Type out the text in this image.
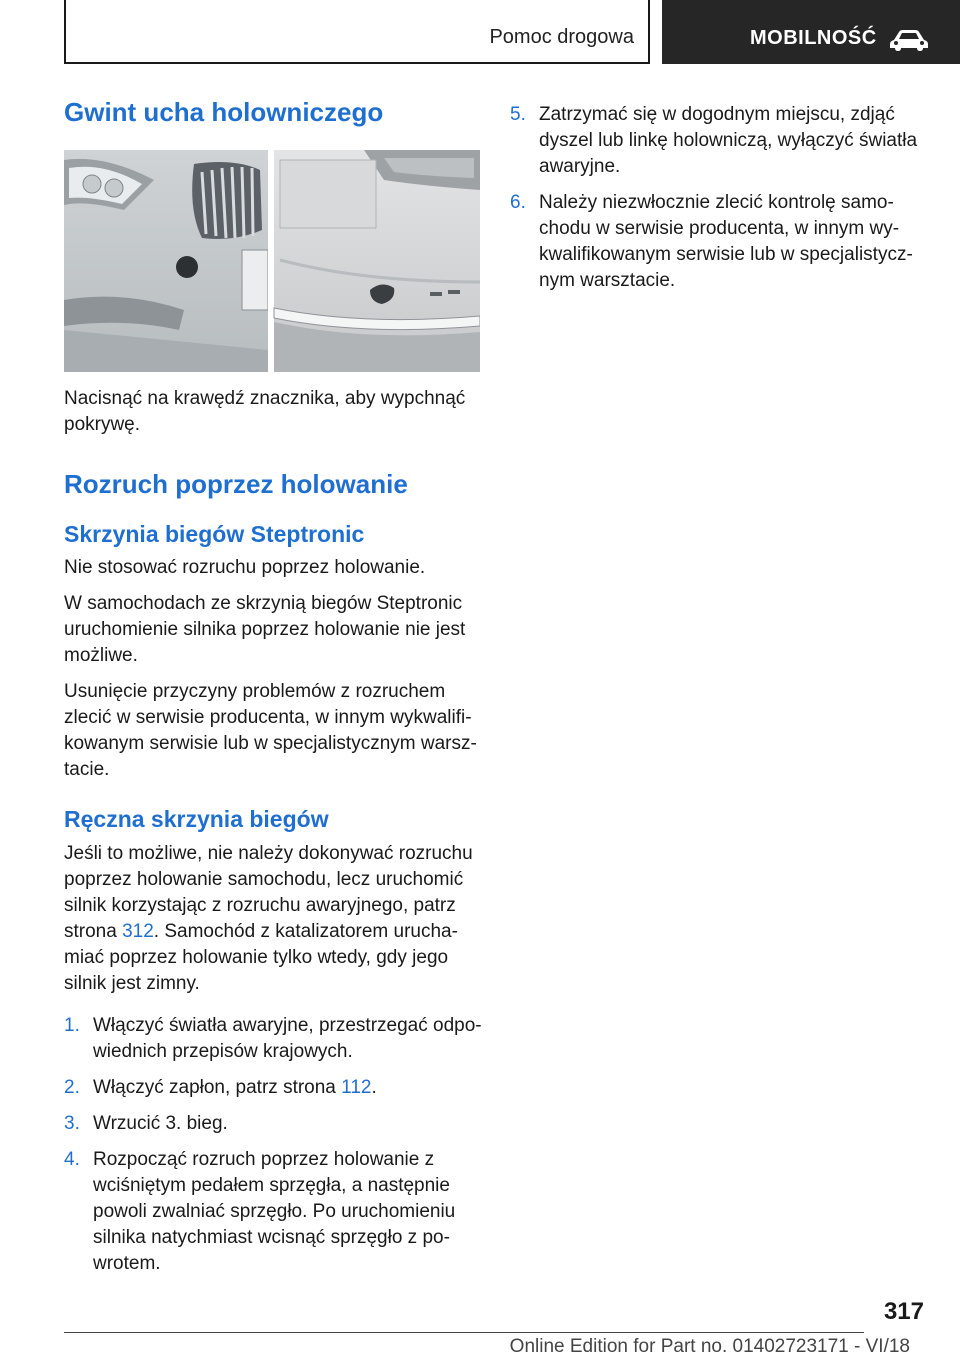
Pomoc drogowa	MOBILNOŚĆ
Gwint ucha holowniczego

Nacisnąć na krawędź znacznika, aby wypchnąć pokrywę.

Rozruch poprzez holowanie
Skrzynia biegów Steptronic

Nie stosować rozruchu poprzez holowanie.

W samochodach ze skrzynią biegów Steptronic uruchomienie silnika poprzez holowanie nie jest możliwe.

Usunięcie przyczyny problemów z rozruchem zlecić w serwisie producenta, w innym wykwalifikowanym serwisie lub w specjalistycznym warsztacie.

Ręczna skrzynia biegów

Jeśli to możliwe, nie należy dokonywać rozruchu poprzez holowanie samochodu, lecz uruchomić silnik korzystając z rozruchu awaryjnego, patrz strona 312. Samochód z katalizatorem uruchamiać poprzez holowanie tylko wtedy, gdy jego silnik jest zimny.

1. Włączyć światła awaryjne, przestrzegać odpowiednich przepisów krajowych.
2. Włączyć zapłon, patrz strona 112.
3. Wrzucić 3. bieg.
4. Rozpocząć rozruch poprzez holowanie z wciśniętym pedałem sprzęgła, a następnie powoli zwalniać sprzęgło. Po uruchomieniu silnika natychmiast wcisnąć sprzęgło z powrotem.
5. Zatrzymać się w dogodnym miejscu, zdjąć dyszel lub linkę holowniczą, wyłączyć światła awaryjne.
6. Należy niezwłocznie zlecić kontrolę samochodu w serwisie producenta, w innym wykwalifikowanym serwisie lub w specjalistycznym warsztacie.
317
Online Edition for Part no. 01402723171 - VI/18
